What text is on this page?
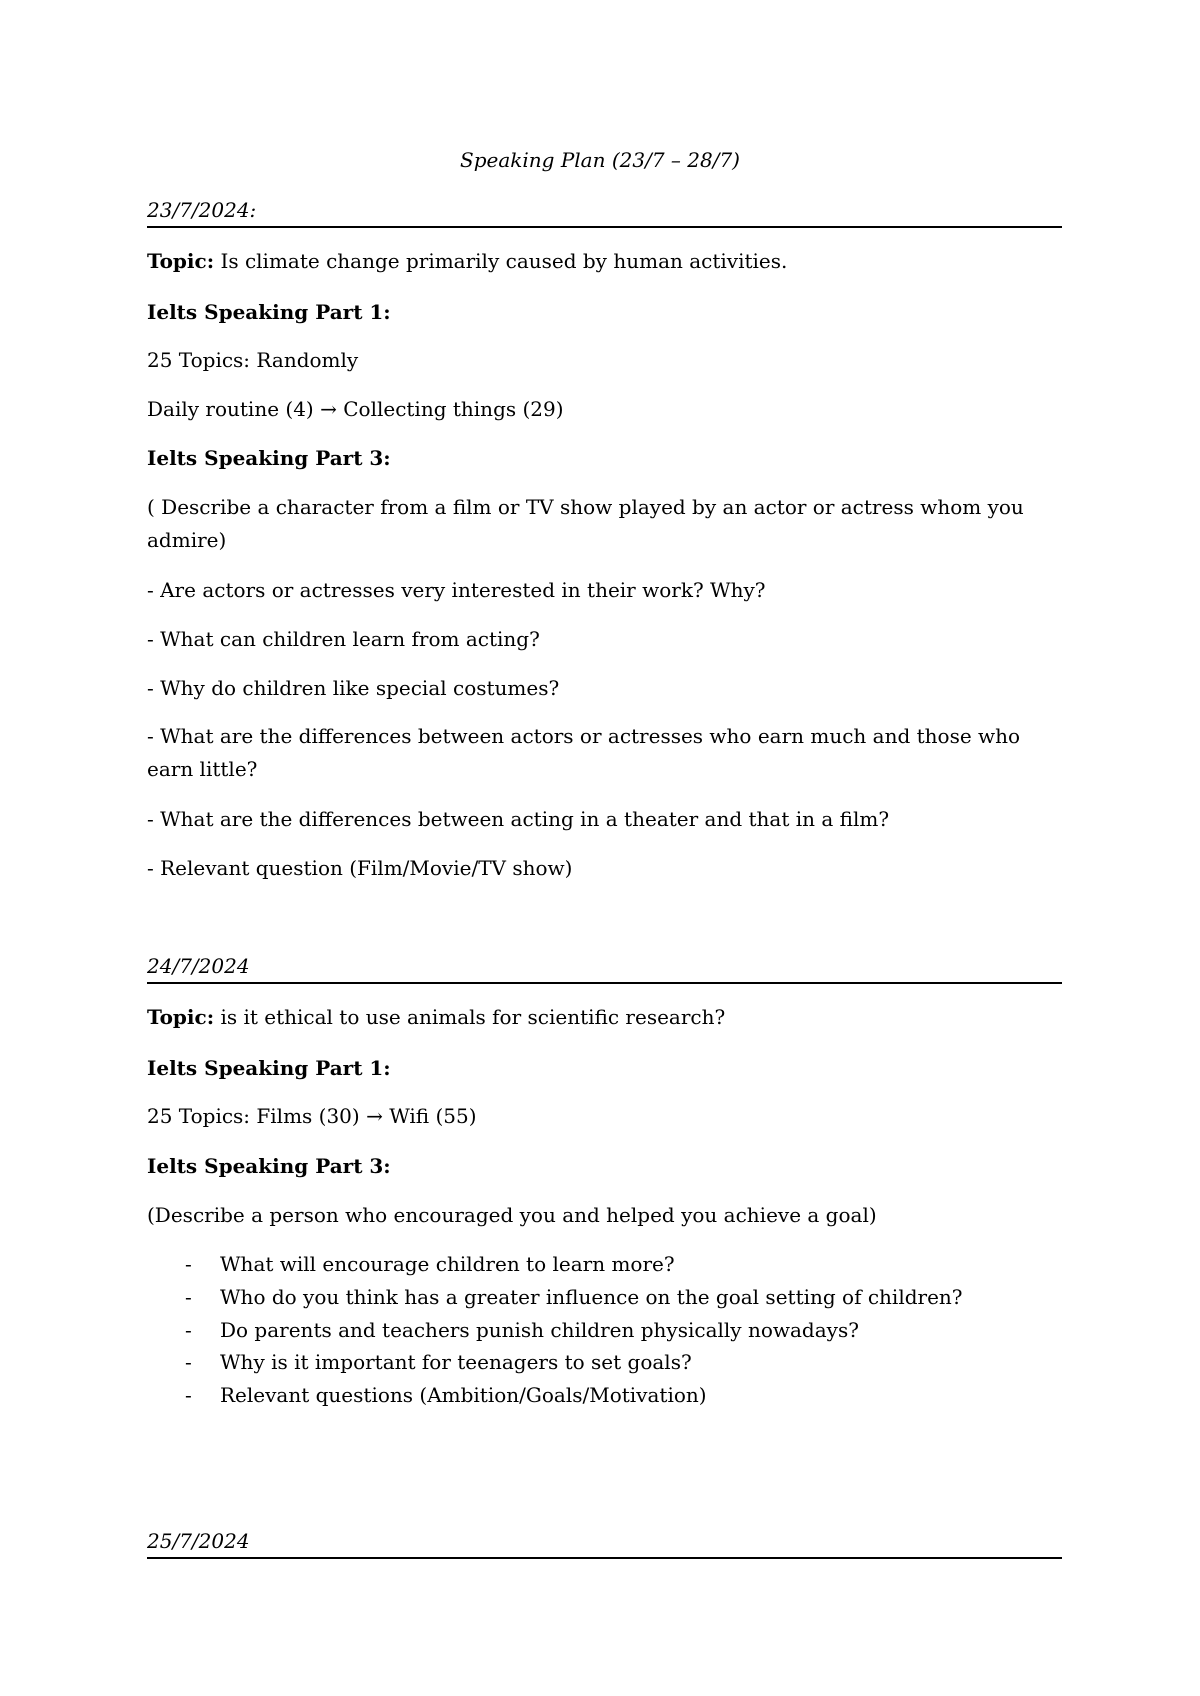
Speaking Plan (23/7 – 28/7)
23/7/2024:
Topic: Is climate change primarily caused by human activities.
Ielts Speaking Part 1:
25 Topics: Randomly
Daily routine (4) → Collecting things (29)
Ielts Speaking Part 3:
( Describe a character from a film or TV show played by an actor or actress whom you admire)
- Are actors or actresses very interested in their work? Why?
- What can children learn from acting?
- Why do children like special costumes?
- What are the differences between actors or actresses who earn much and those who earn little?
- What are the differences between acting in a theater and that in a film?
- Relevant question (Film/Movie/TV show)
24/7/2024
Topic: is it ethical to use animals for scientific research?
Ielts Speaking Part 1:
25 Topics: Films (30) → Wifi (55)
Ielts Speaking Part 3:
(Describe a person who encouraged you and helped you achieve a goal)
- What will encourage children to learn more?
- Who do you think has a greater influence on the goal setting of children?
- Do parents and teachers punish children physically nowadays?
- Why is it important for teenagers to set goals?
- Relevant questions (Ambition/Goals/Motivation)
25/7/2024
